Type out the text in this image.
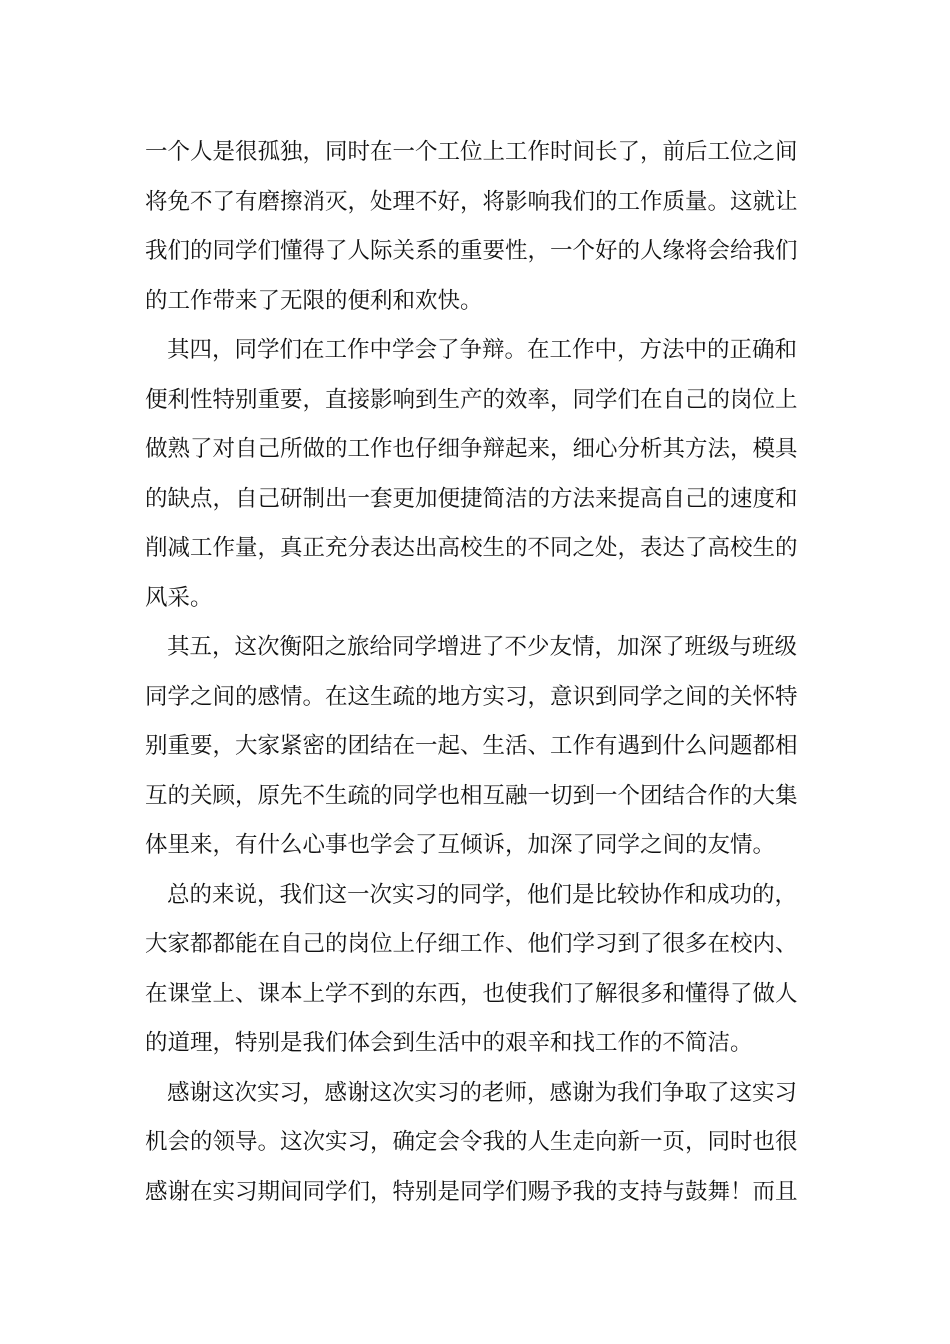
一个人是很孤独，同时在一个工位上工作时间长了，前后工位之间
将免不了有磨擦消灭，处理不好，将影响我们的工作质量。这就让
我们的同学们懂得了人际关系的重要性，一个好的人缘将会给我们
的工作带来了无限的便利和欢快。
其四，同学们在工作中学会了争辩。在工作中，方法中的正确和
便利性特别重要，直接影响到生产的效率，同学们在自己的岗位上
做熟了对自己所做的工作也仔细争辩起来，细心分析其方法，模具
的缺点，自己研制出一套更加便捷简洁的方法来提高自己的速度和
削减工作量，真正充分表达出高校生的不同之处，表达了高校生的
风采。
其五，这次衡阳之旅给同学增进了不少友情，加深了班级与班级
同学之间的感情。在这生疏的地方实习，意识到同学之间的关怀特
别重要，大家紧密的团结在一起、生活、工作有遇到什么问题都相
互的关顾，原先不生疏的同学也相互融一切到一个团结合作的大集
体里来，有什么心事也学会了互倾诉，加深了同学之间的友情。
总的来说，我们这一次实习的同学，他们是比较协作和成功的，
大家都都能在自己的岗位上仔细工作、他们学习到了很多在校内、
在课堂上、课本上学不到的东西，也使我们了解很多和懂得了做人
的道理，特别是我们体会到生活中的艰辛和找工作的不简洁。
感谢这次实习，感谢这次实习的老师，感谢为我们争取了这实习
机会的领导。这次实习，确定会令我的人生走向新一页，同时也很
感谢在实习期间同学们，特别是同学们赐予我的支持与鼓舞！而且
